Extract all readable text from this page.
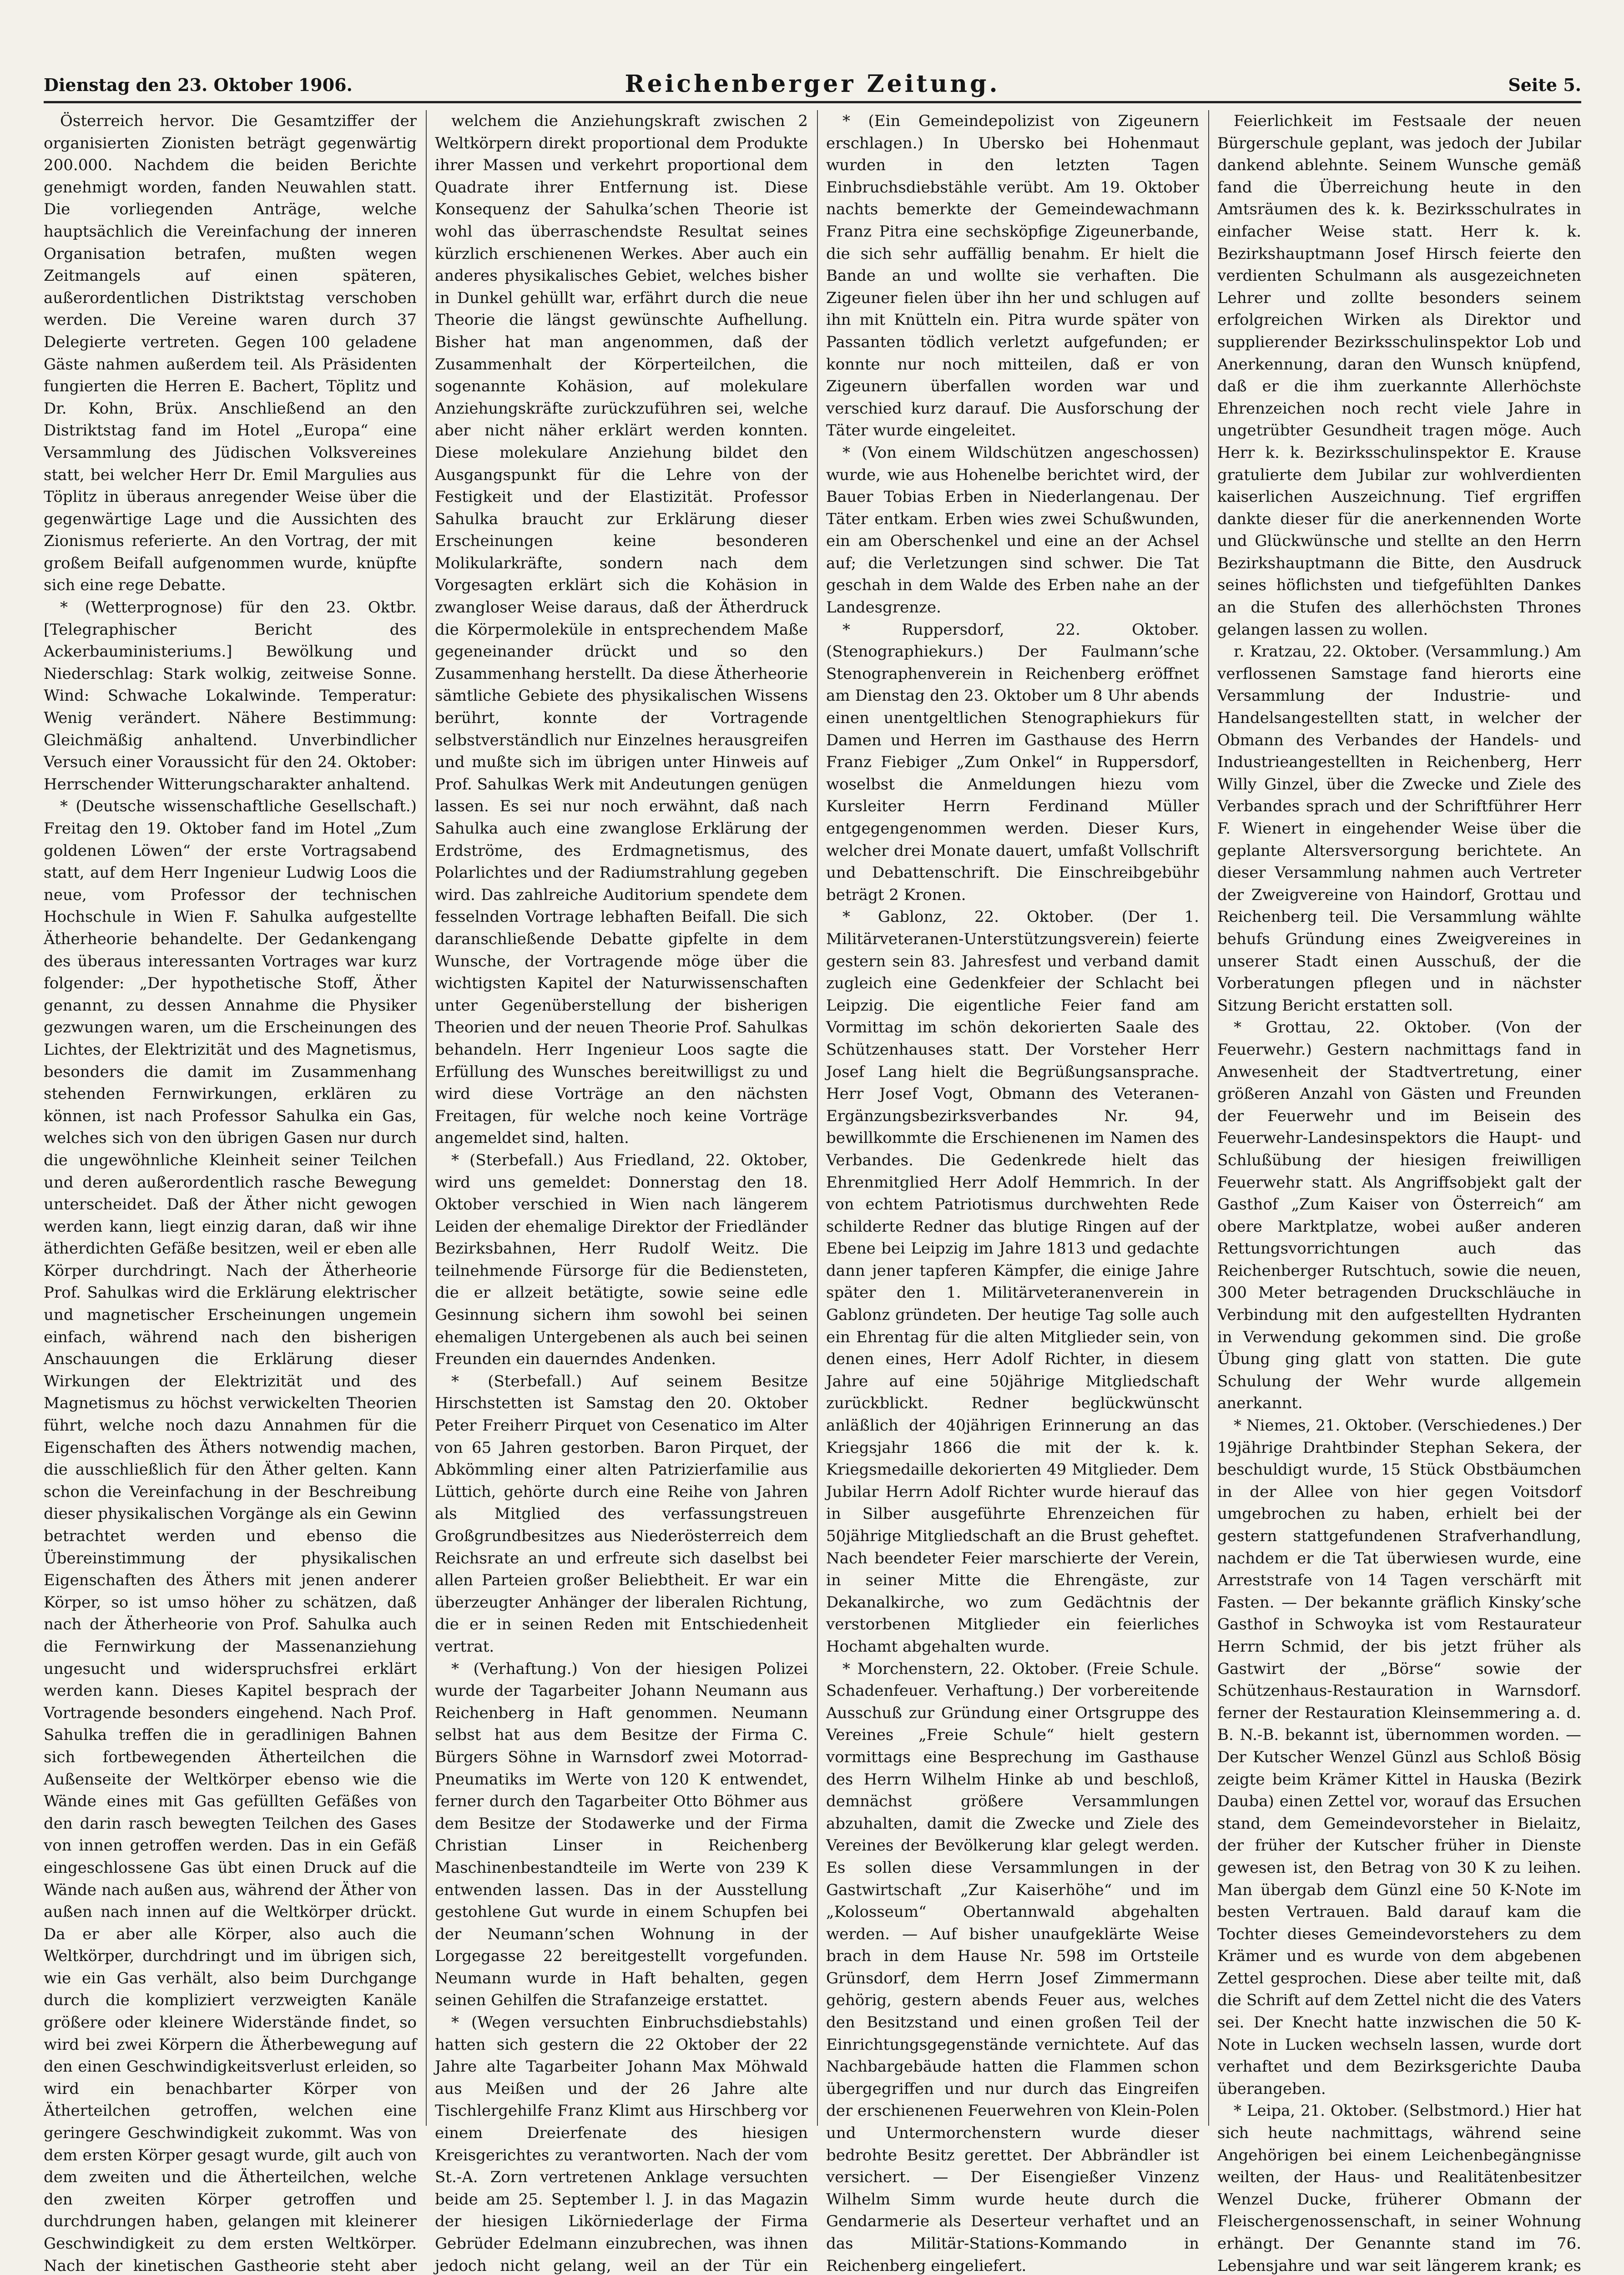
Dienstag den 23. Oktober 1906.	Reichenberger Zeitung.	Seite 5.

Österreich hervor. Die Gesamtziffer der organisierten Zionisten beträgt gegenwärtig 200.000. Nachdem die beiden Berichte genehmigt worden, fanden Neuwahlen statt. Die vorliegenden Anträge, welche hauptsächlich die Vereinfachung der inneren Organisation betrafen, mußten wegen Zeitmangels auf einen späteren, außerordentlichen Distriktstag verschoben werden. Die Vereine waren durch 37 Delegierte vertreten. Gegen 100 geladene Gäste nahmen außerdem teil. Als Präsidenten fungierten die Herren E. Bachert, Töplitz und Dr. Kohn, Brüx. Anschließend an den Distriktstag fand im Hotel „Europa“ eine Versammlung des Jüdischen Volksvereines statt, bei welcher Herr Dr. Emil Margulies aus Töplitz in überaus anregender Weise über die gegenwärtige Lage und die Aussichten des Zionismus referierte. An den Vortrag, der mit großem Beifall aufgenommen wurde, knüpfte sich eine rege Debatte.

* (Wetterprognose) für den 23. Oktbr. [Telegraphischer Bericht des Ackerbauministeriums.] Bewölkung und Niederschlag: Stark wolkig, zeitweise Sonne. Wind: Schwache Lokalwinde. Temperatur: Wenig verändert. Nähere Bestimmung: Gleichmäßig anhaltend. Unverbindlicher Versuch einer Voraussicht für den 24. Oktober: Herrschender Witterungscharakter anhaltend.

* (Deutsche wissenschaftliche Gesellschaft.) Freitag den 19. Oktober fand im Hotel „Zum goldenen Löwen“ der erste Vortragsabend statt, auf dem Herr Ingenieur Ludwig Loos die neue, vom Professor der technischen Hochschule in Wien F. Sahulka aufgestellte Ätherheorie behandelte. Der Gedankengang des überaus interessanten Vortrages war kurz folgender: „Der hypothetische Stoff, Äther genannt, zu dessen Annahme die Physiker gezwungen waren, um die Erscheinungen des Lichtes, der Elektrizität und des Magnetismus, besonders die damit im Zusammenhang stehenden Fernwirkungen, erklären zu können, ist nach Professor Sahulka ein Gas, welches sich von den übrigen Gasen nur durch die ungewöhnliche Kleinheit seiner Teilchen und deren außerordentlich rasche Bewegung unterscheidet. Daß der Äther nicht gewogen werden kann, liegt einzig daran, daß wir ihne ätherdichten Gefäße besitzen, weil er eben alle Körper durchdringt. Nach der Ätherheorie Prof. Sahulkas wird die Erklärung elektrischer und magnetischer Erscheinungen ungemein einfach, während nach den bisherigen Anschauungen die Erklärung dieser Wirkungen der Elektrizität und des Magnetismus zu höchst verwickelten Theorien führt, welche noch dazu Annahmen für die Eigenschaften des Äthers notwendig machen, die ausschließlich für den Äther gelten. Kann schon die Vereinfachung in der Beschreibung dieser physikalischen Vorgänge als ein Gewinn betrachtet werden und ebenso die Übereinstimmung der physikalischen Eigenschaften des Äthers mit jenen anderer Körper, so ist umso höher zu schätzen, daß nach der Ätherheorie von Prof. Sahulka auch die Fernwirkung der Massenanziehung ungesucht und widerspruchsfrei erklärt werden kann. Dieses Kapitel besprach der Vortragende besonders eingehend. Nach Prof. Sahulka treffen die in geradlinigen Bahnen sich fortbewegenden Ätherteilchen die Außenseite der Weltkörper ebenso wie die Wände eines mit Gas gefüllten Gefäßes von den darin rasch bewegten Teilchen des Gases von innen getroffen werden. Das in ein Gefäß eingeschlossene Gas übt einen Druck auf die Wände nach außen aus, während der Äther von außen nach innen auf die Weltkörper drückt. Da er aber alle Körper, also auch die Weltkörper, durchdringt und im übrigen sich, wie ein Gas verhält, also beim Durchgange durch die kompliziert verzweigten Kanäle größere oder kleinere Widerstände findet, so wird bei zwei Körpern die Ätherbewegung auf den einen Geschwindigkeitsverlust erleiden, so wird ein benachbarter Körper von Ätherteilchen getroffen, welchen eine geringere Geschwindigkeit zukommt. Was von dem ersten Körper gesagt wurde, gilt auch von dem zweiten und die Ätherteilchen, welche den zweiten Körper getroffen und durchdrungen haben, gelangen mit kleinerer Geschwindigkeit zu dem ersten Weltkörper. Nach der kinetischen Gastheorie steht aber

welchem die Anziehungskraft zwischen 2 Weltkörpern direkt proportional dem Produkte ihrer Massen und verkehrt proportional dem Quadrate ihrer Entfernung ist. Diese Konsequenz der Sahulka’schen Theorie ist wohl das überraschendste Resultat seines kürzlich erschienenen Werkes. Aber auch ein anderes physikalisches Gebiet, welches bisher in Dunkel gehüllt war, erfährt durch die neue Theorie die längst gewünschte Aufhellung. Bisher hat man angenommen, daß der Zusammenhalt der Körperteilchen, die sogenannte Kohäsion, auf molekulare Anziehungskräfte zurückzuführen sei, welche aber nicht näher erklärt werden konnten. Diese molekulare Anziehung bildet den Ausgangspunkt für die Lehre von der Festigkeit und der Elastizität. Professor Sahulka braucht zur Erklärung dieser Erscheinungen keine besonderen Molikularkräfte, sondern nach dem Vorgesagten erklärt sich die Kohäsion in zwangloser Weise daraus, daß der Ätherdruck die Körpermoleküle in entsprechendem Maße gegeneinander drückt und so den Zusammenhang herstellt. Da diese Ätherheorie sämtliche Gebiete des physikalischen Wissens berührt, konnte der Vortragende selbstverständlich nur Einzelnes herausgreifen und mußte sich im übrigen unter Hinweis auf Prof. Sahulkas Werk mit Andeutungen genügen lassen. Es sei nur noch erwähnt, daß nach Sahulka auch eine zwanglose Erklärung der Erdströme, des Erdmagnetismus, des Polarlichtes und der Radiumstrahlung gegeben wird. Das zahlreiche Auditorium spendete dem fesselnden Vortrage lebhaften Beifall. Die sich daranschließende Debatte gipfelte in dem Wunsche, der Vortragende möge über die wichtigsten Kapitel der Naturwissenschaften unter Gegenüberstellung der bisherigen Theorien und der neuen Theorie Prof. Sahulkas behandeln. Herr Ingenieur Loos sagte die Erfüllung des Wunsches bereitwilligst zu und wird diese Vorträge an den nächsten Freitagen, für welche noch keine Vorträge angemeldet sind, halten.

* (Sterbefall.) Aus Friedland, 22. Oktober, wird uns gemeldet: Donnerstag den 18. Oktober verschied in Wien nach längerem Leiden der ehemalige Direktor der Friedländer Bezirksbahnen, Herr Rudolf Weitz. Die teilnehmende Fürsorge für die Bediensteten, die er allzeit betätigte, sowie seine edle Gesinnung sichern ihm sowohl bei seinen ehemaligen Untergebenen als auch bei seinen Freunden ein dauerndes Andenken.

* (Sterbefall.) Auf seinem Besitze Hirschstetten ist Samstag den 20. Oktober Peter Freiherr Pirquet von Cesenatico im Alter von 65 Jahren gestorben. Baron Pirquet, der Abkömmling einer alten Patrizierfamilie aus Lüttich, gehörte durch eine Reihe von Jahren als Mitglied des verfassungstreuen Großgrundbesitzes aus Niederösterreich dem Reichsrate an und erfreute sich daselbst bei allen Parteien großer Beliebtheit. Er war ein überzeugter Anhänger der liberalen Richtung, die er in seinen Reden mit Entschiedenheit vertrat.

* (Verhaftung.) Von der hiesigen Polizei wurde der Tagarbeiter Johann Neumann aus Reichenberg in Haft genommen. Neumann selbst hat aus dem Besitze der Firma C. Bürgers Söhne in Warnsdorf zwei Motorrad-Pneumatiks im Werte von 120 K entwendet, ferner durch den Tagarbeiter Otto Böhmer aus dem Besitze der Stodawerke und der Firma Christian Linser in Reichenberg Maschinenbestandteile im Werte von 239 K entwenden lassen. Das in der Ausstellung gestohlene Gut wurde in einem Schupfen bei der Neumann’schen Wohnung in der Lorgegasse 22 bereitgestellt vorgefunden. Neumann wurde in Haft behalten, gegen seinen Gehilfen die Strafanzeige erstattet.

* (Wegen versuchten Einbruchsdiebstahls) hatten sich gestern die 22 Oktober der 22 Jahre alte Tagarbeiter Johann Max Möhwald aus Meißen und der 26 Jahre alte Tischlergehilfe Franz Klimt aus Hirschberg vor einem Dreierfenate des hiesigen Kreisgerichtes zu verantworten. Nach der vom St.-A. Zorn vertretenen Anklage versuchten beide am 25. September l. J. in das Magazin der hiesigen Likörniederlage der Firma Gebrüder Edelmann einzubrechen, was ihnen jedoch nicht gelang, weil an der Tür ein

* (Ein Gemeindepolizist von Zigeunern erschlagen.) In Ubersko bei Hohenmaut wurden in den letzten Tagen Einbruchsdiebstähle verübt. Am 19. Oktober nachts bemerkte der Gemeindewachmann Franz Pitra eine sechsköpfige Zigeunerbande, die sich sehr auffällig benahm. Er hielt die Bande an und wollte sie verhaften. Die Zigeuner fielen über ihn her und schlugen auf ihn mit Knütteln ein. Pitra wurde später von Passanten tödlich verletzt aufgefunden; er konnte nur noch mitteilen, daß er von Zigeunern überfallen worden war und verschied kurz darauf. Die Ausforschung der Täter wurde eingeleitet.

* (Von einem Wildschützen angeschossen) wurde, wie aus Hohenelbe berichtet wird, der Bauer Tobias Erben in Niederlangenau. Der Täter entkam. Erben wies zwei Schußwunden, ein am Oberschenkel und eine an der Achsel auf; die Verletzungen sind schwer. Die Tat geschah in dem Walde des Erben nahe an der Landesgrenze.

* Ruppersdorf, 22. Oktober. (Stenographiekurs.) Der Faulmann’sche Stenographenverein in Reichenberg eröffnet am Dienstag den 23. Oktober um 8 Uhr abends einen unentgeltlichen Stenographiekurs für Damen und Herren im Gasthause des Herrn Franz Fiebiger „Zum Onkel“ in Ruppersdorf, woselbst die Anmeldungen hiezu vom Kursleiter Herrn Ferdinand Müller entgegengenommen werden. Dieser Kurs, welcher drei Monate dauert, umfaßt Vollschrift und Debattenschrift. Die Einschreibgebühr beträgt 2 Kronen.

* Gablonz, 22. Oktober. (Der 1. Militärveteranen-Unterstützungsverein) feierte gestern sein 83. Jahresfest und verband damit zugleich eine Gedenkfeier der Schlacht bei Leipzig. Die eigentliche Feier fand am Vormittag im schön dekorierten Saale des Schützenhauses statt. Der Vorsteher Herr Josef Lang hielt die Begrüßungsansprache. Herr Josef Vogt, Obmann des Veteranen-Ergänzungsbezirksverbandes Nr. 94, bewillkommte die Erschienenen im Namen des Verbandes. Die Gedenkrede hielt das Ehrenmitglied Herr Adolf Hemmrich. In der von echtem Patriotismus durchwehten Rede schilderte Redner das blutige Ringen auf der Ebene bei Leipzig im Jahre 1813 und gedachte dann jener tapferen Kämpfer, die einige Jahre später den 1. Militärveteranenverein in Gablonz gründeten. Der heutige Tag solle auch ein Ehrentag für die alten Mitglieder sein, von denen eines, Herr Adolf Richter, in diesem Jahre auf eine 50jährige Mitgliedschaft zurückblickt. Redner beglückwünscht anläßlich der 40jährigen Erinnerung an das Kriegsjahr 1866 die mit der k. k. Kriegsmedaille dekorierten 49 Mitglieder. Dem Jubilar Herrn Adolf Richter wurde hierauf das in Silber ausgeführte Ehrenzeichen für 50jährige Mitgliedschaft an die Brust geheftet. Nach beendeter Feier marschierte der Verein, in seiner Mitte die Ehrengäste, zur Dekanalkirche, wo zum Gedächtnis der verstorbenen Mitglieder ein feierliches Hochamt abgehalten wurde.

* Morchenstern, 22. Oktober. (Freie Schule. Schadenfeuer. Verhaftung.) Der vorbereitende Ausschuß zur Gründung einer Ortsgruppe des Vereines „Freie Schule“ hielt gestern vormittags eine Besprechung im Gasthause des Herrn Wilhelm Hinke ab und beschloß, demnächst größere Versammlungen abzuhalten, damit die Zwecke und Ziele des Vereines der Bevölkerung klar gelegt werden. Es sollen diese Versammlungen in der Gastwirtschaft „Zur Kaiserhöhe“ und im „Kolosseum“ Obertannwald abgehalten werden. — Auf bisher unaufgeklärte Weise brach in dem Hause Nr. 598 im Ortsteile Grünsdorf, dem Herrn Josef Zimmermann gehörig, gestern abends Feuer aus, welches den Besitzstand und einen großen Teil der Einrichtungsgegenstände vernichtete. Auf das Nachbargebäude hatten die Flammen schon übergegriffen und nur durch das Eingreifen der erschienenen Feuerwehren von Klein-Polen und Untermorchenstern wurde dieser bedrohte Besitz gerettet. Der Abbrändler ist versichert. — Der Eisengießer Vinzenz Wilhelm Simm wurde heute durch die Gendarmerie als Deserteur verhaftet und an das Militär-Stations-Kommando in Reichenberg eingeliefert.

Feierlichkeit im Festsaale der neuen Bürgerschule geplant, was jedoch der Jubilar dankend ablehnte. Seinem Wunsche gemäß fand die Überreichung heute in den Amtsräumen des k. k. Bezirksschulrates in einfacher Weise statt. Herr k. k. Bezirkshauptmann Josef Hirsch feierte den verdienten Schulmann als ausgezeichneten Lehrer und zollte besonders seinem erfolgreichen Wirken als Direktor und supplierender Bezirksschulinspektor Lob und Anerkennung, daran den Wunsch knüpfend, daß er die ihm zuerkannte Allerhöchste Ehrenzeichen noch recht viele Jahre in ungetrübter Gesundheit tragen möge. Auch Herr k. k. Bezirksschulinspektor E. Krause gratulierte dem Jubilar zur wohlverdienten kaiserlichen Auszeichnung. Tief ergriffen dankte dieser für die anerkennenden Worte und Glückwünsche und stellte an den Herrn Bezirkshauptmann die Bitte, den Ausdruck seines höflichsten und tiefgefühlten Dankes an die Stufen des allerhöchsten Thrones gelangen lassen zu wollen.

r. Kratzau, 22. Oktober. (Versammlung.) Am verflossenen Samstage fand hierorts eine Versammlung der Industrie- und Handelsangestellten statt, in welcher der Obmann des Verbandes der Handels- und Industrieangestellten in Reichenberg, Herr Willy Ginzel, über die Zwecke und Ziele des Verbandes sprach und der Schriftführer Herr F. Wienert in eingehender Weise über die geplante Altersversorgung berichtete. An dieser Versammlung nahmen auch Vertreter der Zweigvereine von Haindorf, Grottau und Reichenberg teil. Die Versammlung wählte behufs Gründung eines Zweigvereines in unserer Stadt einen Ausschuß, der die Vorberatungen pflegen und in nächster Sitzung Bericht erstatten soll.

* Grottau, 22. Oktober. (Von der Feuerwehr.) Gestern nachmittags fand in Anwesenheit der Stadtvertretung, einer größeren Anzahl von Gästen und Freunden der Feuerwehr und im Beisein des Feuerwehr-Landesinspektors die Haupt- und Schlußübung der hiesigen freiwilligen Feuerwehr statt. Als Angriffsobjekt galt der Gasthof „Zum Kaiser von Österreich“ am obere Marktplatze, wobei außer anderen Rettungsvorrichtungen auch das Reichenberger Rutschtuch, sowie die neuen, 300 Meter betragenden Druckschläuche in Verbindung mit den aufgestellten Hydranten in Verwendung gekommen sind. Die große Übung ging glatt von statten. Die gute Schulung der Wehr wurde allgemein anerkannt.

* Niemes, 21. Oktober. (Verschiedenes.) Der 19jährige Drahtbinder Stephan Sekera, der beschuldigt wurde, 15 Stück Obstbäumchen in der Allee von hier gegen Voitsdorf umgebrochen zu haben, erhielt bei der gestern stattgefundenen Strafverhandlung, nachdem er die Tat überwiesen wurde, eine Arreststrafe von 14 Tagen verschärft mit Fasten. — Der bekannte gräflich Kinsky’sche Gasthof in Schwoyka ist vom Restaurateur Herrn Schmid, der bis jetzt früher als Gastwirt der „Börse“ sowie der Schützenhaus-Restauration in Warnsdorf. ferner der Restauration Kleinsemmering a. d. B. N.-B. bekannt ist, übernommen worden. — Der Kutscher Wenzel Günzl aus Schloß Bösig zeigte beim Krämer Kittel in Hauska (Bezirk Dauba) einen Zettel vor, worauf das Ersuchen stand, dem Gemeindevorsteher in Bielaitz, der früher der Kutscher früher in Dienste gewesen ist, den Betrag von 30 K zu leihen. Man übergab dem Günzl eine 50 K-Note im besten Vertrauen. Bald darauf kam die Tochter dieses Gemeindevorstehers zu dem Krämer und es wurde von dem abgebenen Zettel gesprochen. Diese aber teilte mit, daß die Schrift auf dem Zettel nicht die des Vaters sei. Der Knecht hatte inzwischen die 50 K-Note in Lucken wechseln lassen, wurde dort verhaftet und dem Bezirksgerichte Dauba überangeben.

* Leipa, 21. Oktober. (Selbstmord.) Hier hat sich heute nachmittags, während seine Angehörigen bei einem Leichenbegängnisse weilten, der Haus- und Realitätenbesitzer Wenzel Ducke, früherer Obmann der Fleischergenossenschaft, in seiner Wohnung erhängt. Der Genannte stand im 76. Lebensjahre und war seit längerem krank; es
